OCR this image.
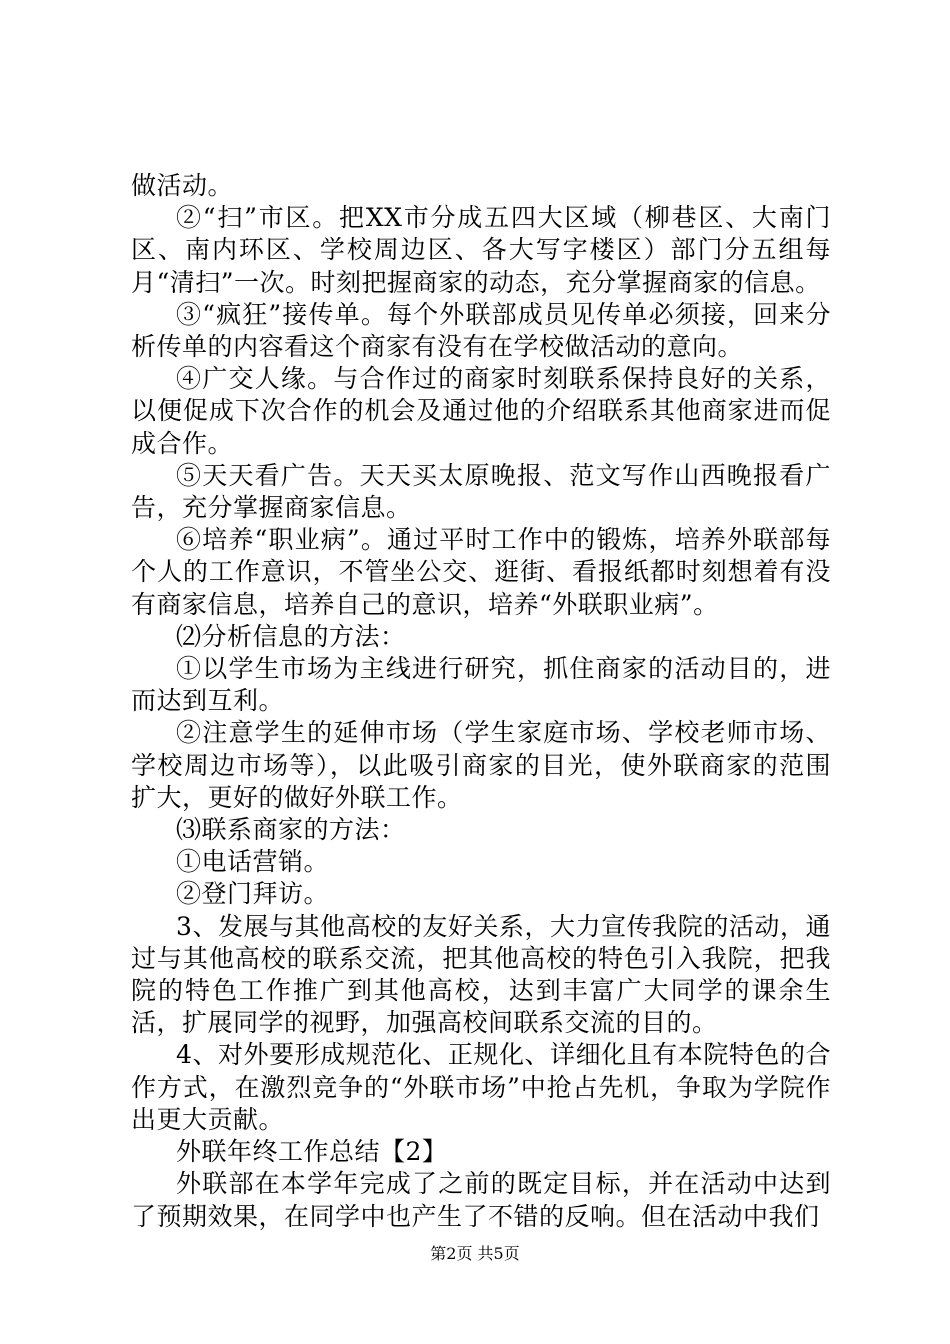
做活动。

②“扫”市区。把XX市分成五四大区域（柳巷区、大南门区、南内环区、学校周边区、各大写字楼区）部门分五组每月“清扫”一次。时刻把握商家的动态，充分掌握商家的信息。

③“疯狂”接传单。每个外联部成员见传单必须接，回来分析传单的内容看这个商家有没有在学校做活动的意向。

④广交人缘。与合作过的商家时刻联系保持良好的关系，以便促成下次合作的机会及通过他的介绍联系其他商家进而促成合作。

⑤天天看广告。天天买太原晚报、范文写作山西晚报看广告，充分掌握商家信息。

⑥培养“职业病”。通过平时工作中的锻炼，培养外联部每个人的工作意识，不管坐公交、逛街、看报纸都时刻想着有没有商家信息，培养自己的意识，培养“外联职业病”。

⑵分析信息的方法：

①以学生市场为主线进行研究，抓住商家的活动目的，进而达到互利。

②注意学生的延伸市场（学生家庭市场、学校老师市场、学校周边市场等），以此吸引商家的目光，使外联商家的范围扩大，更好的做好外联工作。

⑶联系商家的方法：

①电话营销。

②登门拜访。

3、发展与其他高校的友好关系，大力宣传我院的活动，通过与其他高校的联系交流，把其他高校的特色引入我院，把我院的特色工作推广到其他高校，达到丰富广大同学的课余生活，扩展同学的视野，加强高校间联系交流的目的。

4、对外要形成规范化、正规化、详细化且有本院特色的合作方式，在激烈竞争的“外联市场”中抢占先机，争取为学院作出更大贡献。

外联年终工作总结【2】

外联部在本学年完成了之前的既定目标，并在活动中达到了预期效果，在同学中也产生了不错的反响。但在活动中我们

第2页 共5页
